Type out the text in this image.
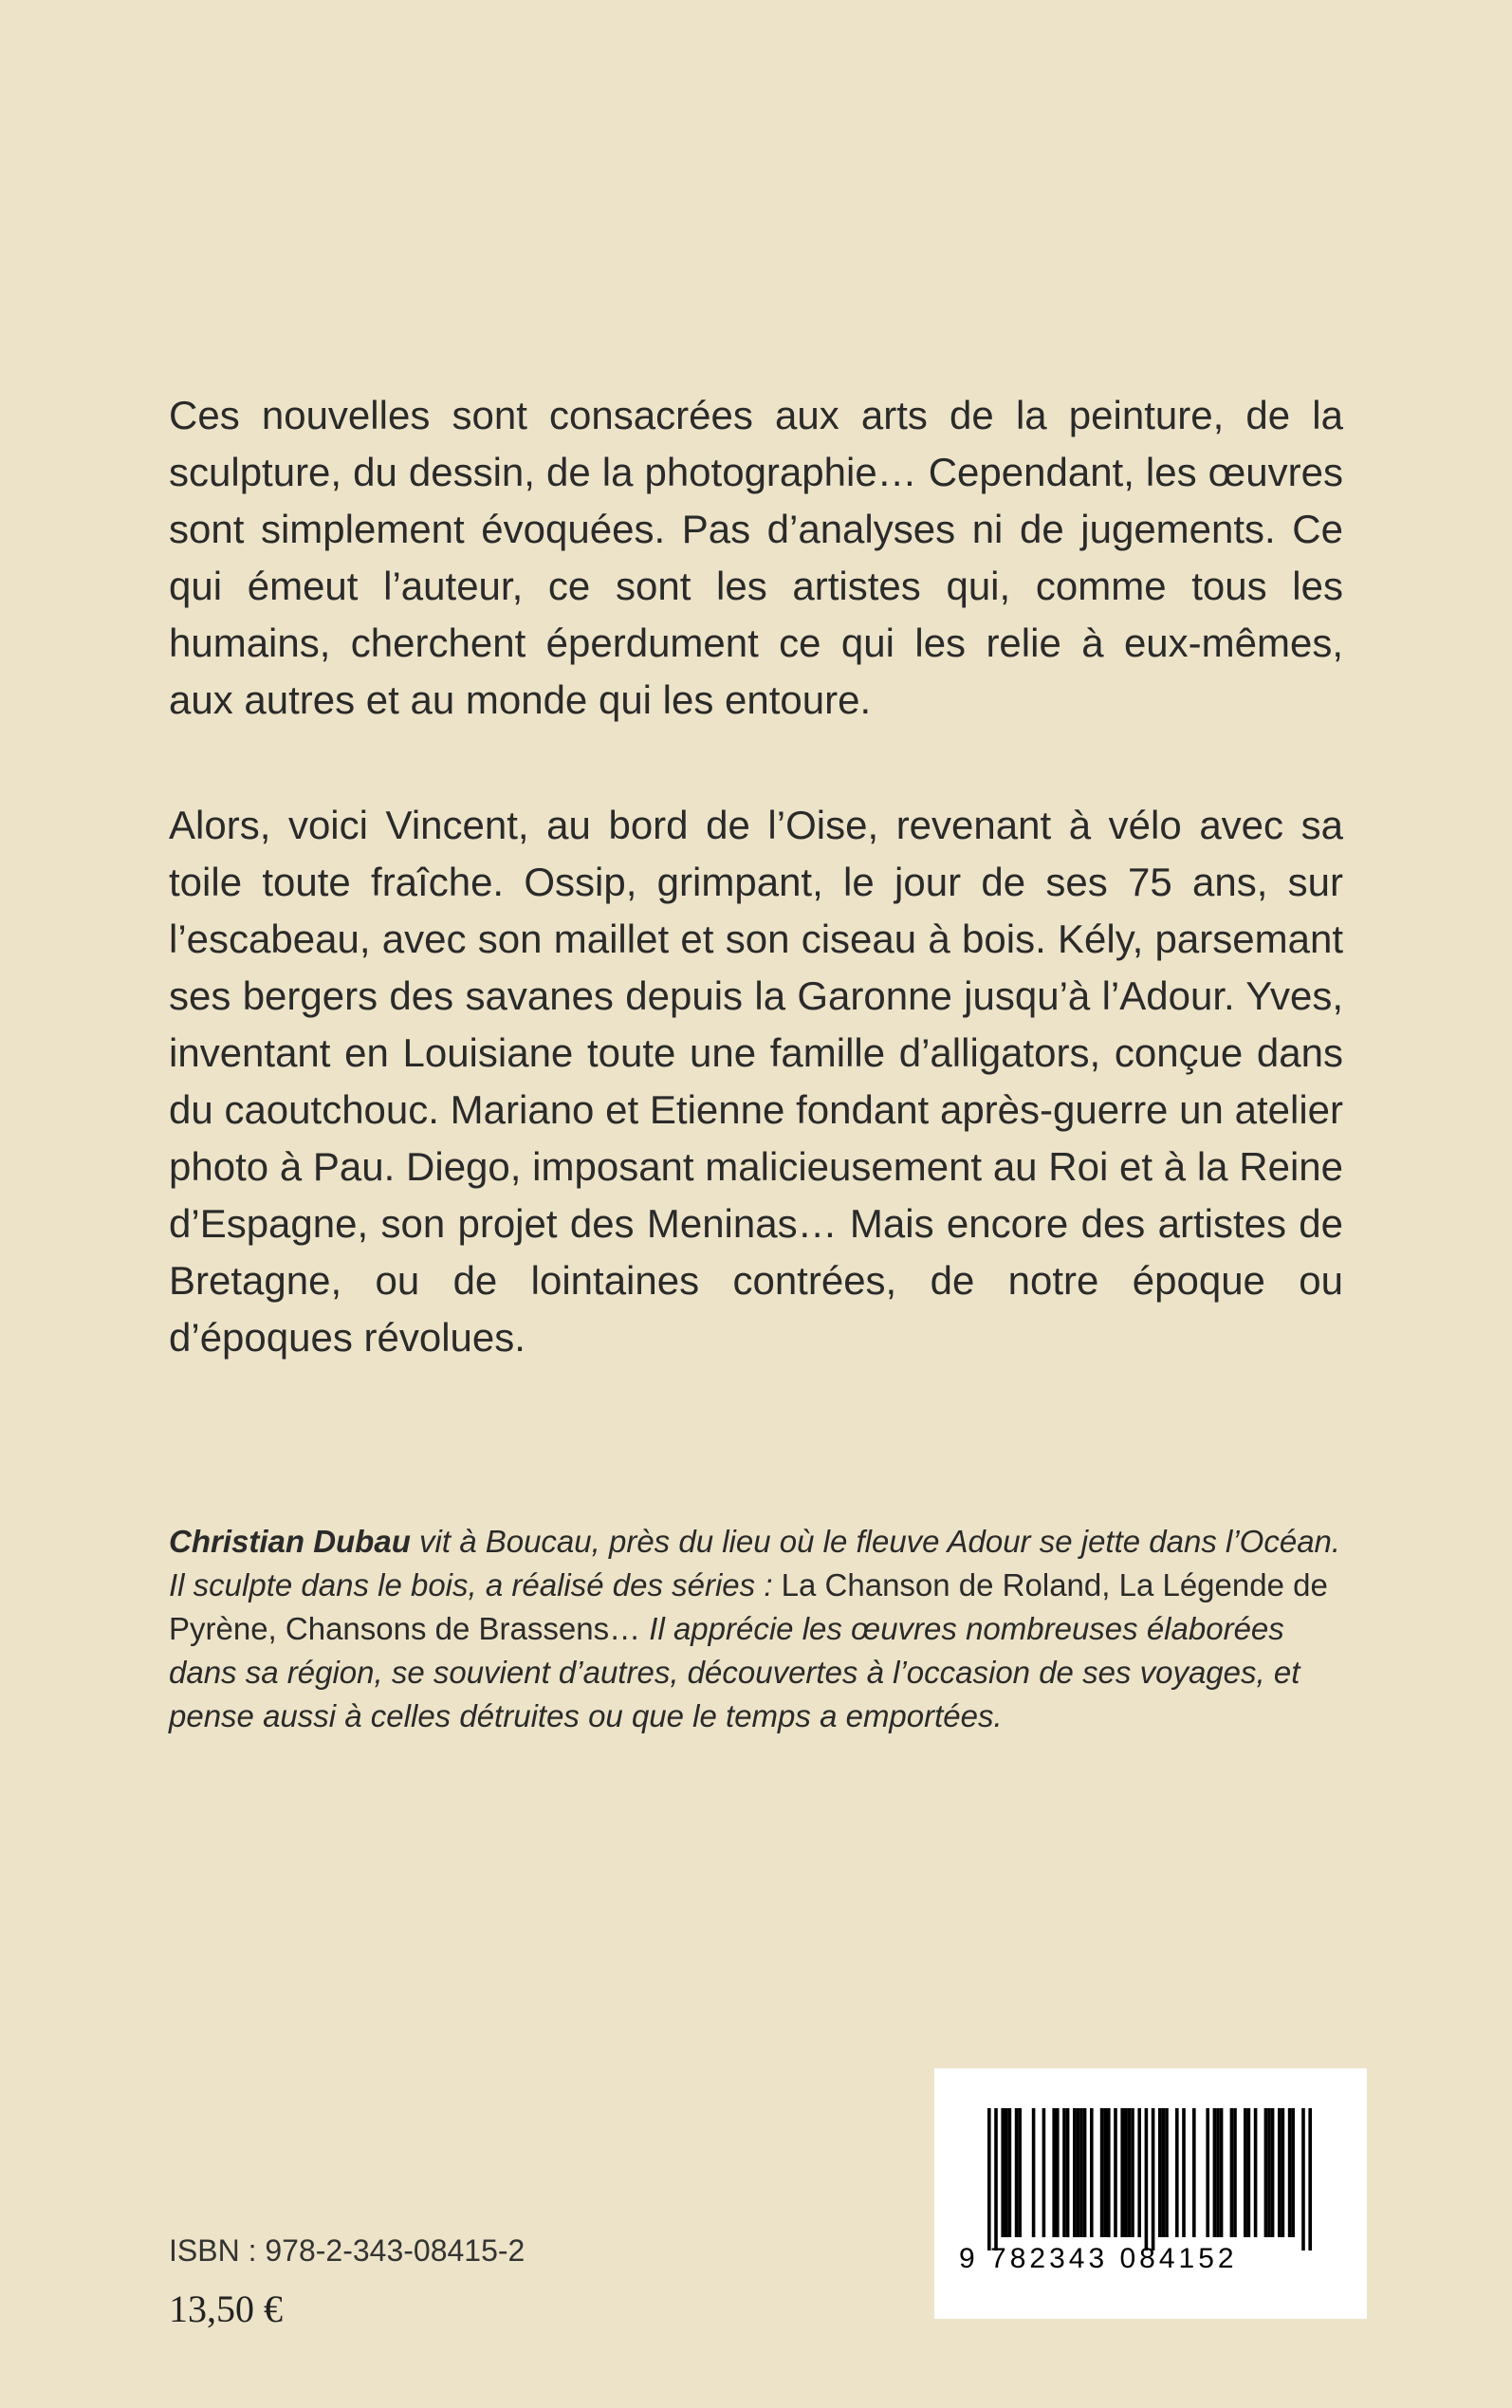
Ces nouvelles sont consacrées aux arts de la peinture, de la sculpture, du dessin, de la photographie… Cependant, les œuvres sont simplement évoquées. Pas d’analyses ni de jugements. Ce qui émeut l’auteur, ce sont les artistes qui, comme tous les humains, cherchent éperdument ce qui les relie à eux-mêmes, aux autres et au monde qui les entoure.

Alors, voici Vincent, au bord de l’Oise, revenant à vélo avec sa toile toute fraîche. Ossip, grimpant, le jour de ses 75 ans, sur l’escabeau, avec son maillet et son ciseau à bois. Kély, parsemant ses bergers des savanes depuis la Garonne jusqu’à l’Adour. Yves, inventant en Louisiane toute une famille d’alligators, conçue dans du caoutchouc. Mariano et Etienne fondant après-guerre un atelier photo à Pau. Diego, imposant malicieusement au Roi et à la Reine d’Espagne, son projet des Meninas… Mais encore des artistes de Bretagne, ou de lointaines contrées, de notre époque ou d’époques révolues.

Christian Dubau vit à Boucau, près du lieu où le fleuve Adour se jette dans l’Océan. Il sculpte dans le bois, a réalisé des séries : La Chanson de Roland, La Légende de Pyrène, Chansons de Brassens… Il apprécie les œuvres nombreuses élaborées dans sa région, se souvient d’autres, découvertes à l’occasion de ses voyages, et pense aussi à celles détruites ou que le temps a emportées.

ISBN : 978-2-343-08415-2
13,50 €
9 782343 084152
